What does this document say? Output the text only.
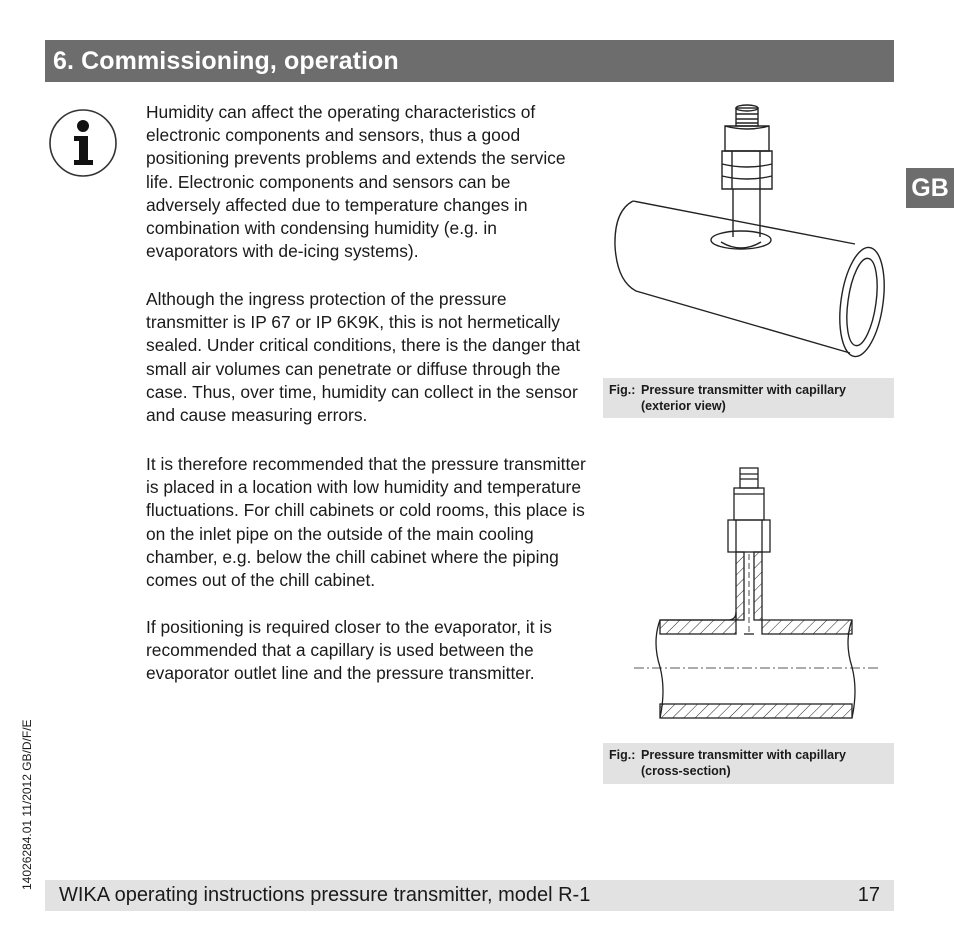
6. Commissioning, operation
GB

Humidity can affect the operating characteristics of electronic components and sensors, thus a good positioning prevents problems and extends the service life. Electronic components and sensors can be adversely affected due to temperature changes in combination with condensing humidity (e.g. in evaporators with de-icing systems).

Although the ingress protection of the pressure transmitter is IP 67 or IP 6K9K, this is not hermetically sealed. Under critical conditions, there is the danger that small air volumes can penetrate or diffuse through the case. Thus, over time, humidity can collect in the sensor and cause measuring errors.

It is therefore recommended that the pressure transmitter is placed in a location with low humidity and temperature fluctuations. For chill cabinets or cold rooms, this place is on the inlet pipe on the outside of the main cooling chamber, e.g. below the chill cabinet where the piping comes out of the chill cabinet.

If positioning is required closer to the evaporator, it is recommended that a capillary is used between the evaporator outlet line and the pressure transmitter.

Fig.: Pressure transmitter with capillary
(exterior view)
Fig.: Pressure transmitter with capillary
(cross-section)
14026284.01 11/2012 GB/D/F/E
WIKA operating instructions pressure transmitter, model R-1	17
